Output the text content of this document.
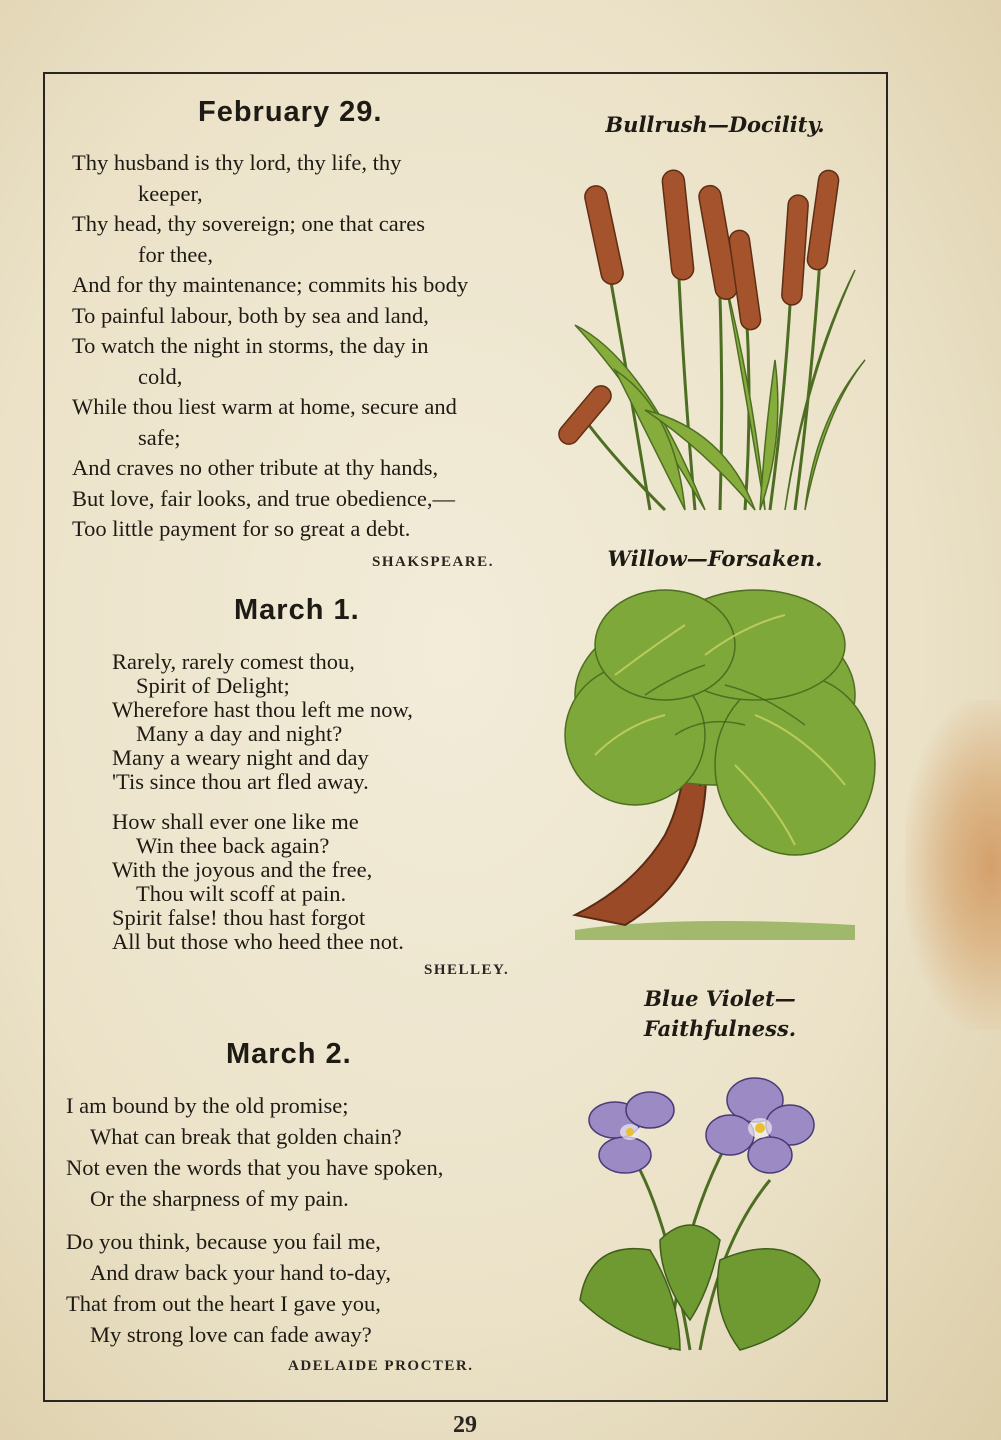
February 29.
Thy husband is thy lord, thy life, thy
keeper,
Thy head, thy sovereign; one that cares
for thee,
And for thy maintenance; commits his body
To painful labour, both by sea and land,
To watch the night in storms, the day in
cold,
While thou liest warm at home, secure and
safe;
And craves no other tribute at thy hands,
But love, fair looks, and true obedience,—
Too little payment for so great a debt.
SHAKSPEARE.
March 1.
Rarely, rarely comest thou,
Spirit of Delight;
Wherefore hast thou left me now,
Many a day and night?
Many a weary night and day
'Tis since thou art fled away.
How shall ever one like me
Win thee back again?
With the joyous and the free,
Thou wilt scoff at pain.
Spirit false! thou hast forgot
All but those who heed thee not.
SHELLEY.
March 2.
I am bound by the old promise;
What can break that golden chain?
Not even the words that you have spoken,
Or the sharpness of my pain.
Do you think, because you fail me,
And draw back your hand to-day,
That from out the heart I gave you,
My strong love can fade away?
ADELAIDE PROCTER.
Bullrush—Docility.
Willow—Forsaken.
Blue Violet—
Faithfulness.
29
